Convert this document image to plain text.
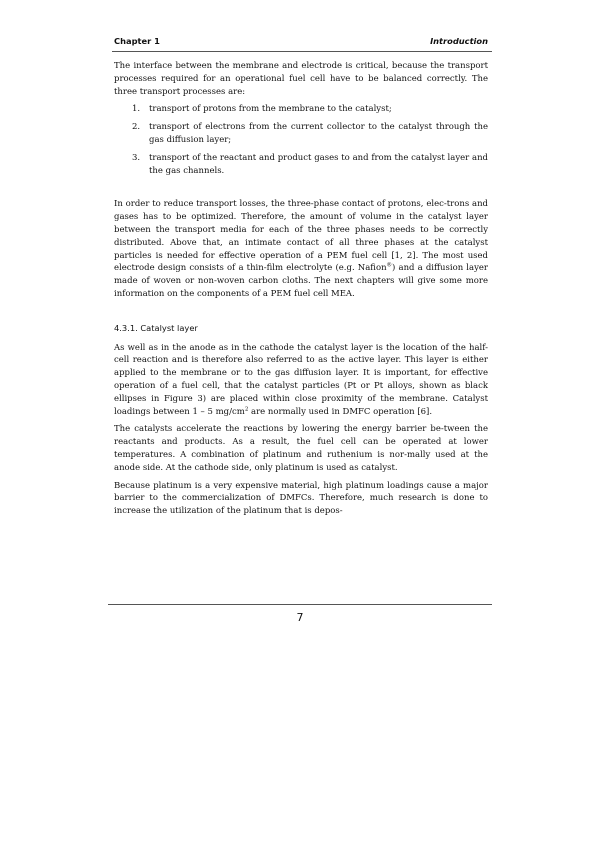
Chapter 1	Introduction

The interface between the membrane and electrode is critical, because the transport processes required for an operational fuel cell have to be balanced correctly. The three transport processes are:

1. transport of protons from the membrane to the catalyst;
2. transport of electrons from the current collector to the catalyst through the gas diffusion layer;
3. transport of the reactant and product gases to and from the catalyst layer and the gas channels.

In order to reduce transport losses, the three-phase contact of protons, elec-trons and gases has to be optimized. Therefore, the amount of volume in the catalyst layer between the transport media for each of the three phases needs to be correctly distributed. Above that, an intimate contact of all three phases at the catalyst particles is needed for effective operation of a PEM fuel cell [1, 2]. The most used electrode design consists of a thin-film electrolyte (e.g. Nafion®) and a diffusion layer made of woven or non-woven carbon cloths. The next chapters will give some more information on the components of a PEM fuel cell MEA.

4.3.1. Catalyst layer

As well as in the anode as in the cathode the catalyst layer is the location of the half-cell reaction and is therefore also referred to as the active layer. This layer is either applied to the membrane or to the gas diffusion layer. It is important, for effective operation of a fuel cell, that the catalyst particles (Pt or Pt alloys, shown as black ellipses in Figure 3) are placed within close proximity of the membrane. Catalyst loadings between 1 – 5 $mg/cm^2$ are normally used in DMFC operation [6].

The catalysts accelerate the reactions by lowering the energy barrier be-tween the reactants and products. As a result, the fuel cell can be operated at lower temperatures. A combination of platinum and ruthenium is nor-mally used at the anode side. At the cathode side, only platinum is used as catalyst.

Because platinum is a very expensive material, high platinum loadings cause a major barrier to the commercialization of DMFCs. Therefore, much research is done to increase the utilization of the platinum that is depos-

7
